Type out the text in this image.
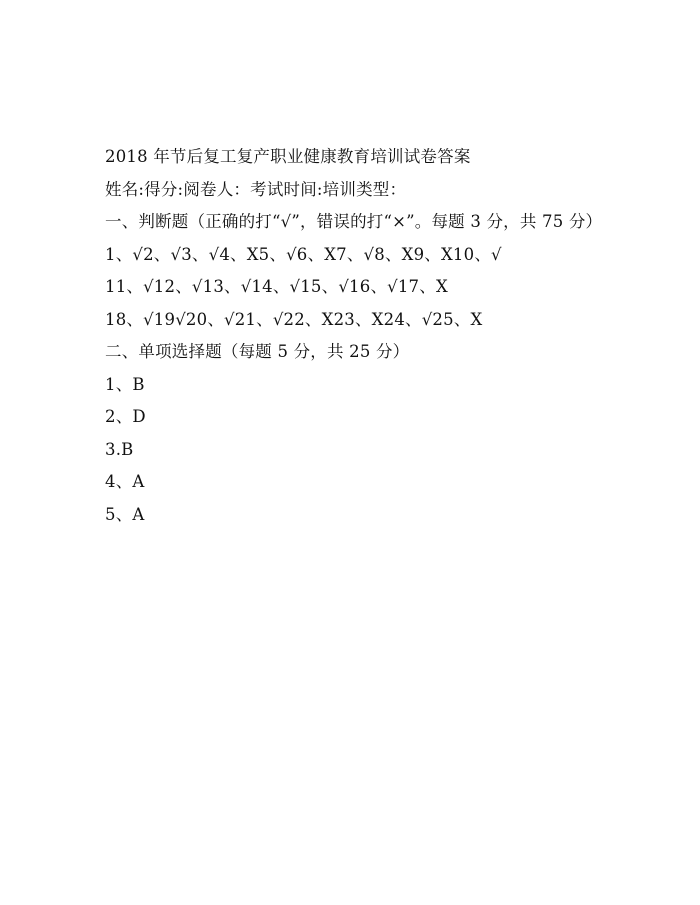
2018 年节后复工复产职业健康教育培训试卷答案
姓名:得分:阅卷人：考试时间:培训类型：
一、判断题（正确的打“√”，错误的打“×”。每题 3 分，共 75 分）
1、√2、√3、√4、X5、√6、X7、√8、X9、X10、√
11、√12、√13、√14、√15、√16、√17、X
18、√19√20、√21、√22、X23、X24、√25、X
二、单项选择题（每题 5 分，共 25 分）
1、B
2、D
3.B
4、A
5、A
